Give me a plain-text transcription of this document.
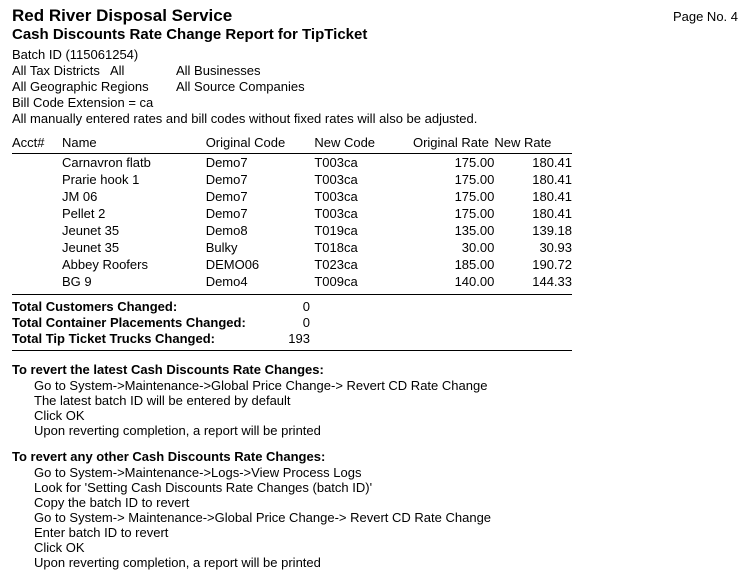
Red River Disposal Service
Cash Discounts Rate Change Report for TipTicket
Page No. 4
Batch ID (115061254)
All Tax Districts   All	All Businesses
All Geographic Regions	All Source Companies
Bill Code Extension = ca
All manually entered rates and bill codes without fixed rates will also be adjusted.
Acct#	Name	Original Code	New Code	Original Rate	New Rate
	Carnavron flatb	Demo7	T003ca	175.00	180.41
	Prarie hook 1	Demo7	T003ca	175.00	180.41
	JM 06	Demo7	T003ca	175.00	180.41
	Pellet 2	Demo7	T003ca	175.00	180.41
	Jeunet 35	Demo8	T019ca	135.00	139.18
	Jeunet 35	Bulky	T018ca	30.00	30.93
	Abbey Roofers	DEMO06	T023ca	185.00	190.72
	BG 9	Demo4	T009ca	140.00	144.33
Total Customers Changed:	0
Total Container Placements Changed:	0
Total Tip Ticket Trucks Changed:	193
To revert the latest Cash Discounts Rate Changes:
Go to System->Maintenance->Global Price Change-> Revert CD Rate Change
The latest batch ID will be entered by default
Click OK
Upon reverting completion, a report will be printed
To revert any other Cash Discounts Rate Changes:
Go to System->Maintenance->Logs->View Process Logs
Look for 'Setting Cash Discounts Rate Changes (batch ID)'
Copy the batch ID to revert
Go to System-> Maintenance->Global Price Change-> Revert CD Rate Change
Enter batch ID to revert
Click OK
Upon reverting completion, a report will be printed
